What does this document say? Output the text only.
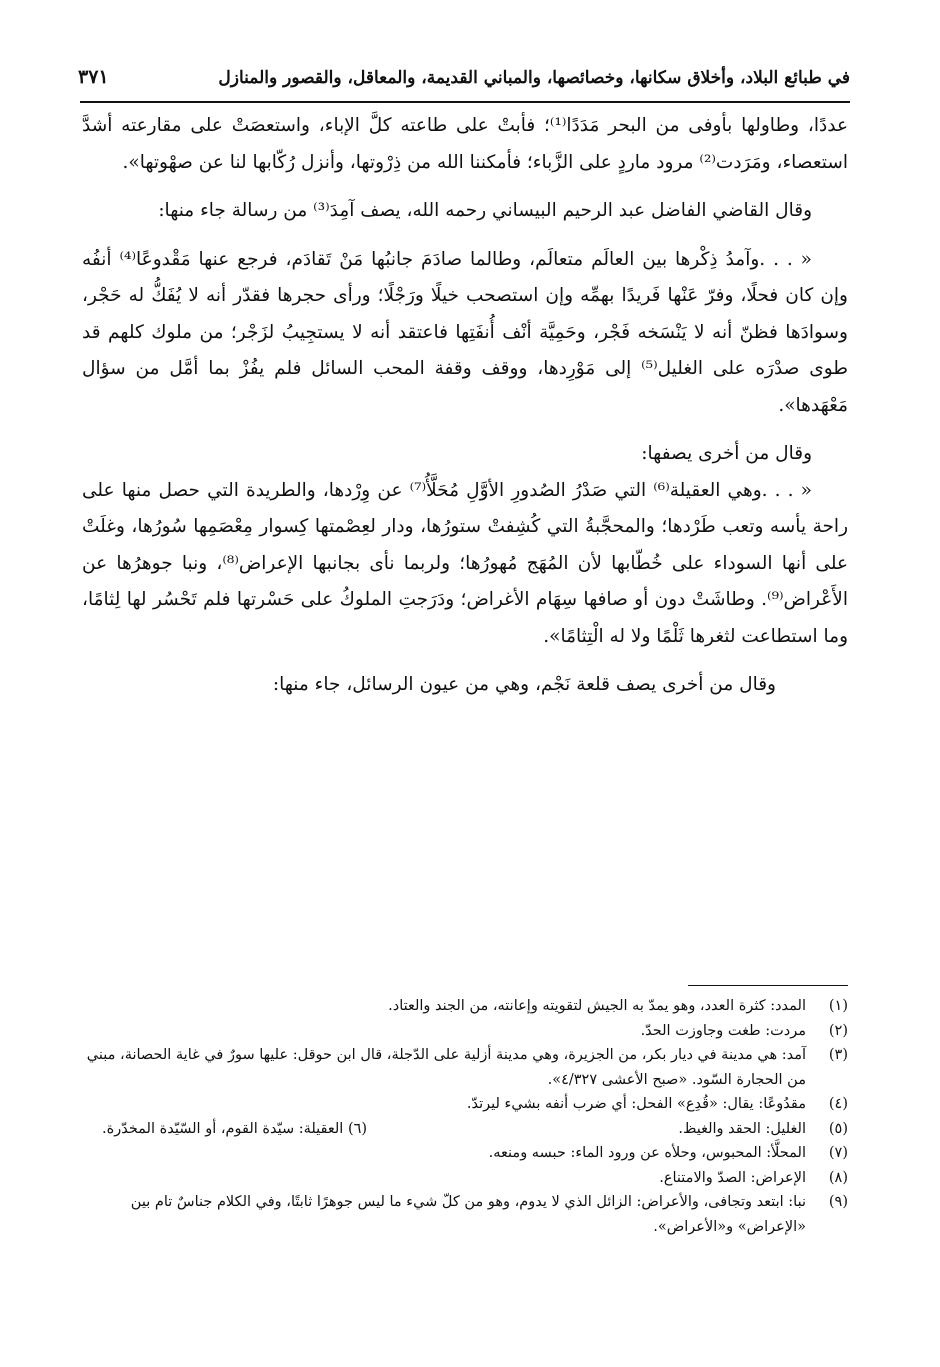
في طبائع البلاد، وأخلاق سكانها، وخصائصها، والمباني القديمة، والمعاقل، والقصور والمنازل
٣٧١

عددًا، وطاولها بأوفى من البحر مَدَدًا⁽¹⁾؛ فأبتْ على طاعته كلَّ الإباء، واستعصَتْ على مقارعته أشدَّ استعصاء، ومَرَدت⁽²⁾ مرود ماردٍ على الزَّباء؛ فأمكننا الله من ذِرْوتها، وأنزل رُكّابها لنا عن صهْوتها».

وقال القاضي الفاضل عبد الرحيم البيساني رحمه الله، يصف آمِدَ⁽³⁾ من رسالة جاء منها:

« . . .وآمدُ ذِكْرها بين العالَم متعالَم، وطالما صادَمَ جانبُها مَنْ تَقادَم، فرجع عنها مَقْدوعًا⁽⁴⁾ أنفُه وإن كان فحلًا، وفرّ عَنْها فَريدًا بهمِّه وإن استصحب خيلًا ورَجْلًا؛ ورأى حجرها فقدّر أنه لا يُفَكُّ له حَجْر، وسوادَها فظنّ أنه لا يَنْسَخه فَجْر، وحَمِيَّة أنْف أُنفَتِها فاعتقد أنه لا يستجِيبُ لزَجْر؛ من ملوك كلهم قد طوى صدْرَه على الغليل⁽⁵⁾ إلى مَوْرِدها، ووقف وقفة المحب السائل فلم يفُزْ بما أمَّل من سؤال مَعْهَدها».

وقال من أخرى يصفها:

« . . .وهي العقيلة⁽⁶⁾ التي صَدْرُ الصُدورِ الأوَّلِ مُحَلَّأُ⁽⁷⁾ عن وِرْدها، والطريدة التي حصل منها على راحة يأسه وتعب طَرْدها؛ والمحجَّبةُ التي كُشِفتْ ستورُها، ودار لعِصْمتها كِسوار مِعْصَمِها سُورُها، وغلَتْ على أنها السوداء على خُطّابها لأن المُهَج مُهورُها؛ ولربما نأى بجانبها الإعراض⁽⁸⁾، ونبا جوهرُها عن الأَعْراض⁽⁹⁾. وطاشَتْ دون أو صافها سِهَام الأغراض؛ ودَرَجتِ الملوكُ على حَسْرتها فلم تَحْسُر لها لِثامًا، وما استطاعت لثغرها ثَلْمًا ولا له الْتِثامًا».

وقال من أخرى يصف قلعة نَجْم، وهي من عيون الرسائل، جاء منها:

(١)
المدد: كثرة العدد، وهو يمدّ به الجيش لتقويته وإعانته، من الجند والعتاد.
(٢)
مردت: طغت وجاوزت الحدّ.
(٣)
آمد: هي مدينة في ديار بكر، من الجزيرة، وهي مدينة أزلية على الدّجلة، قال ابن حوقل: عليها سورٌ في غاية الحصانة، مبني من الحجارة السّود. «صبح الأعشى ٤/٣٢٧».
(٤)
مقدُوعًا: يقال: «قُدِع» الفحل: أي ضرب أنفه بشيء ليرتدّ.
(٥)
الغليل: الحقد والغيظ.
(٦) العقيلة: سيّدة القوم، أو السّيّدة المخدّرة.
(٧)
المحلَّأ: المحبوس، وحلأه عن ورود الماء: حبسه ومنعه.
(٨)
الإعراض: الصدّ والامتناع.
(٩)
نبا: ابتعد وتجافى، والأعراض: الزائل الذي لا يدوم، وهو من كلّ شيء ما ليس جوهرًا ثابتًا، وفي الكلام جناسٌ تام بين «الإعراض» و«الأعراض».
